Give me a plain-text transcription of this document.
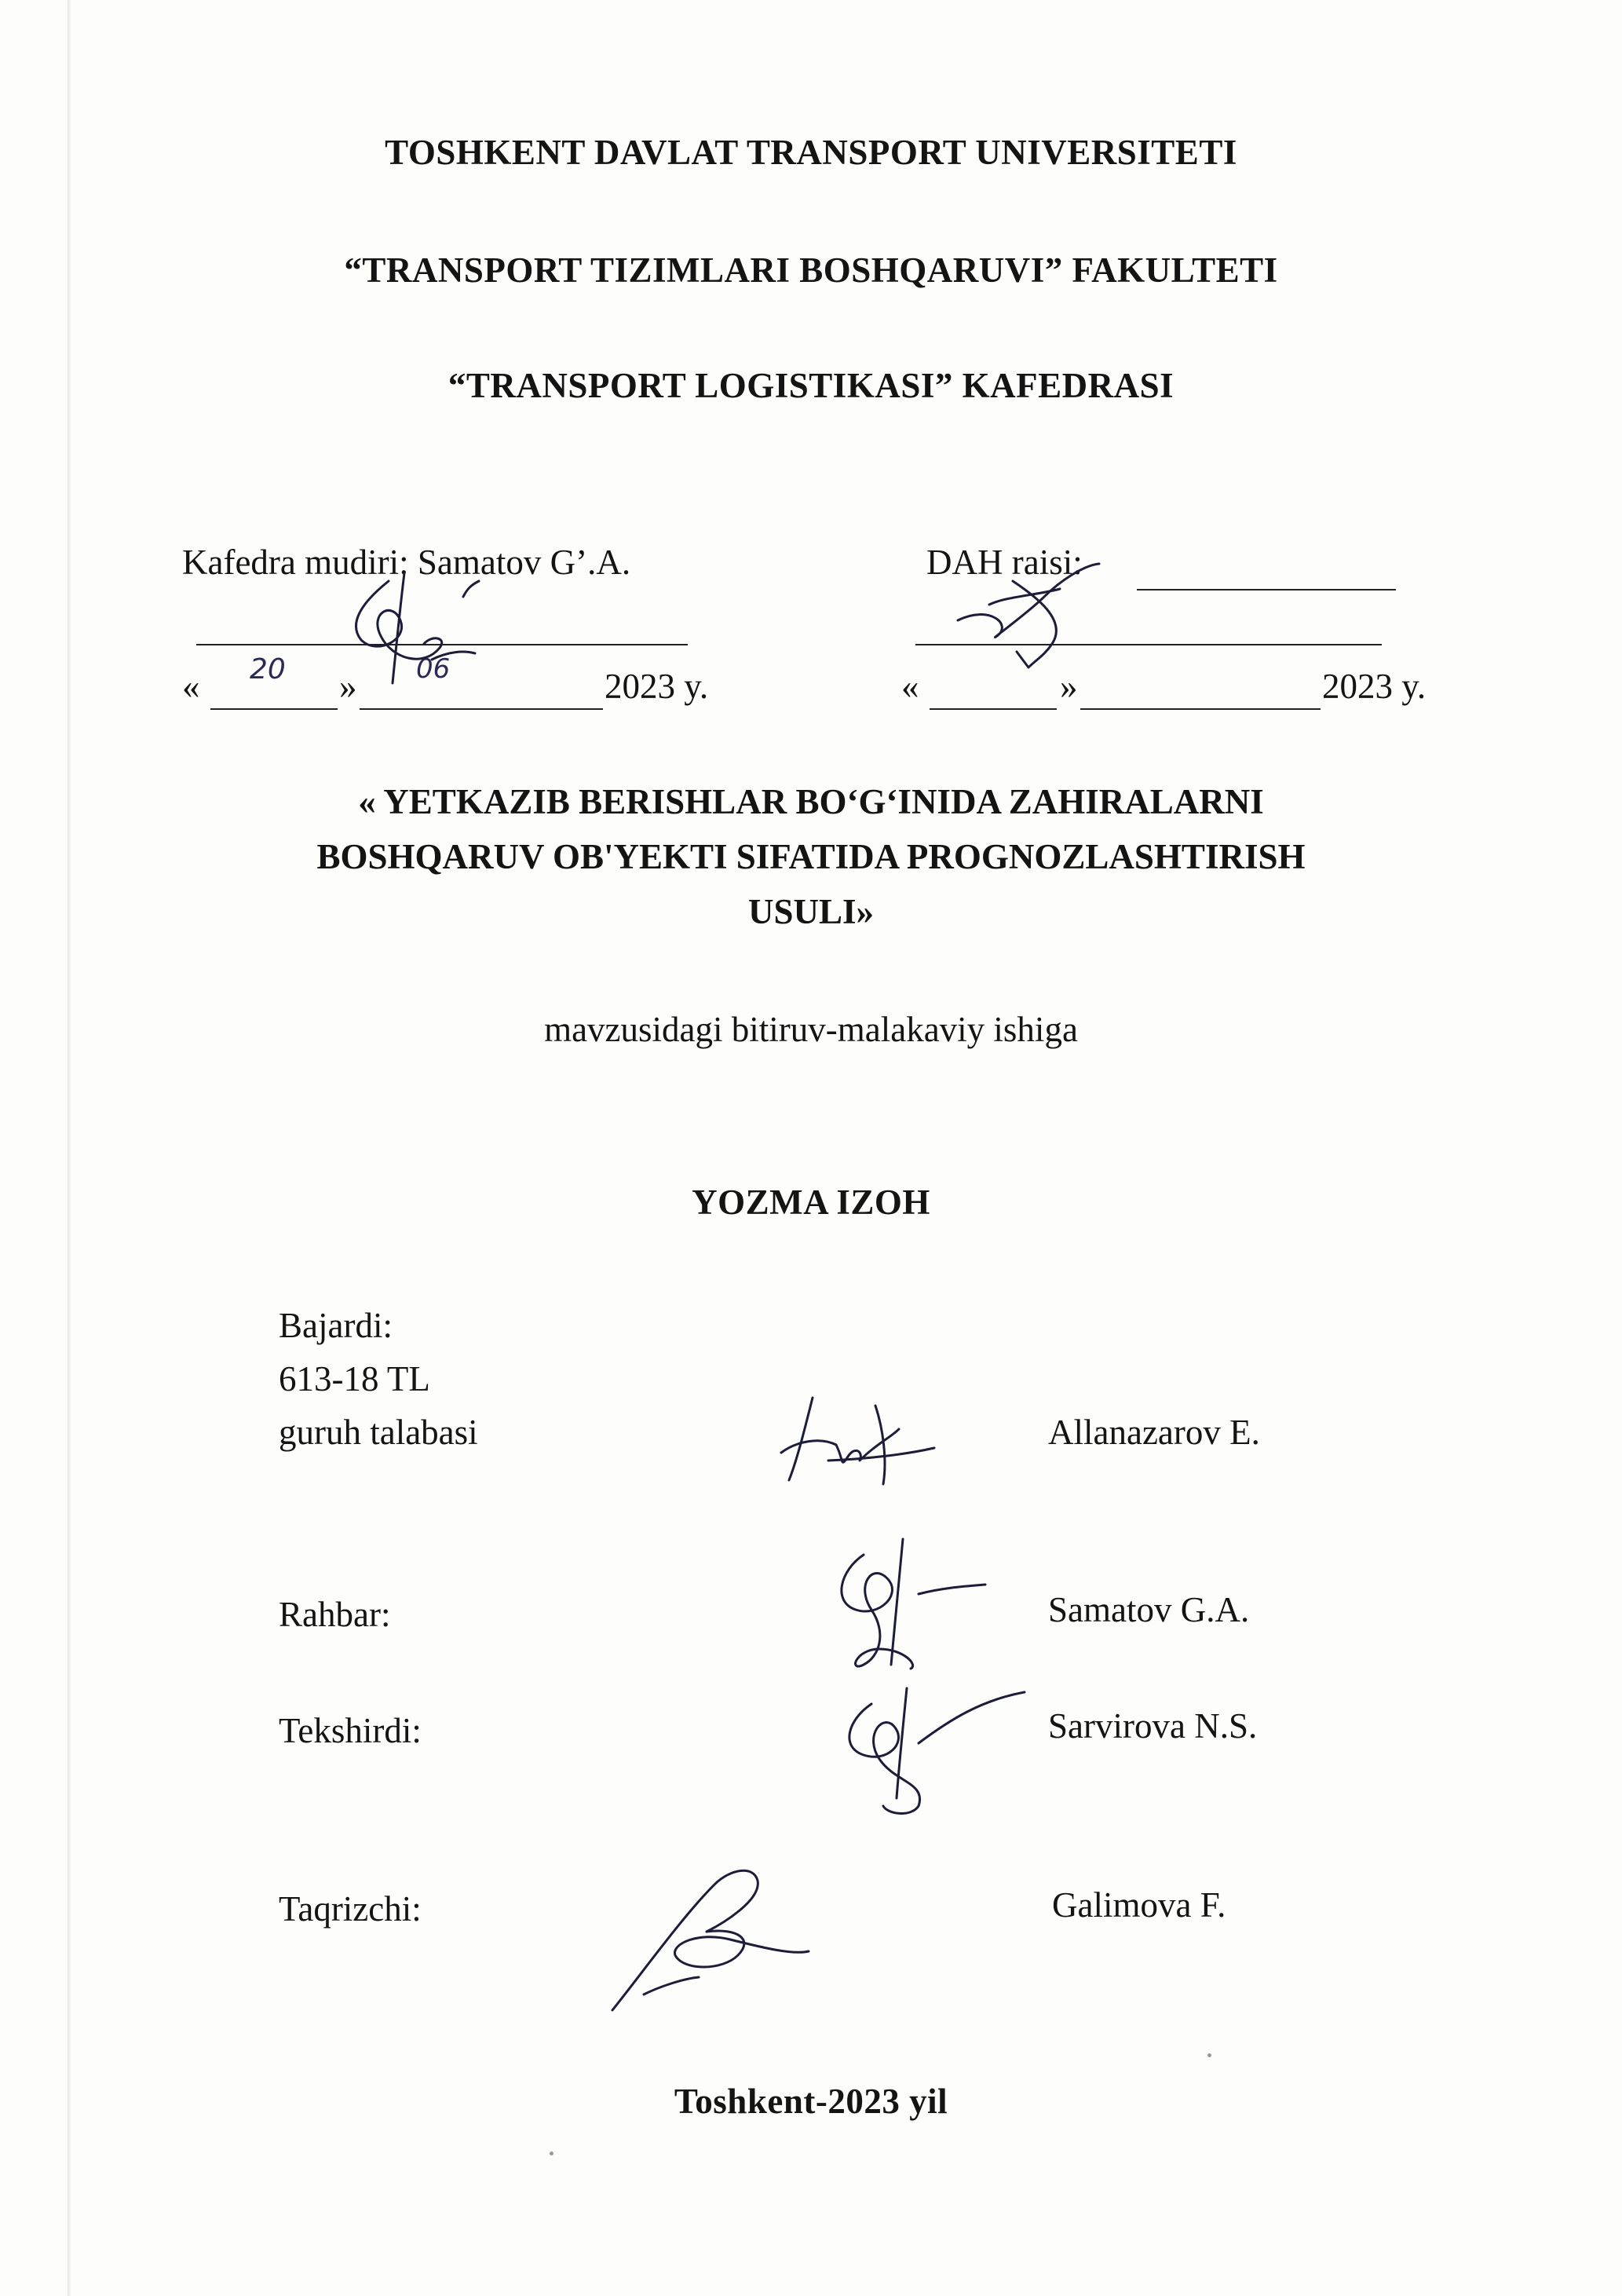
TOSHKENT DAVLAT TRANSPORT UNIVERSITETI
“TRANSPORT TIZIMLARI BOSHQARUVI” FAKULTETI
“TRANSPORT LOGISTIKASI” KAFEDRASI
Kafedra mudiri: Samatov G’.A.
«	»	2023 y.
20	06
DAH raisi:
«	»	2023 y.
« YETKAZIB BERISHLAR BO‘G‘INIDA ZAHIRALARNI
BOSHQARUV OB'YEKTI SIFATIDA PROGNOZLASHTIRISH
USULI»
mavzusidagi bitiruv-malakaviy ishiga
YOZMA IZOH
Bajardi:
613-18 TL
guruh talabasi	Allanazarov E.
Rahbar:	Samatov G.A.
Tekshirdi:	Sarvirova N.S.
Taqrizchi:	Galimova F.
Toshkent-2023 yil
